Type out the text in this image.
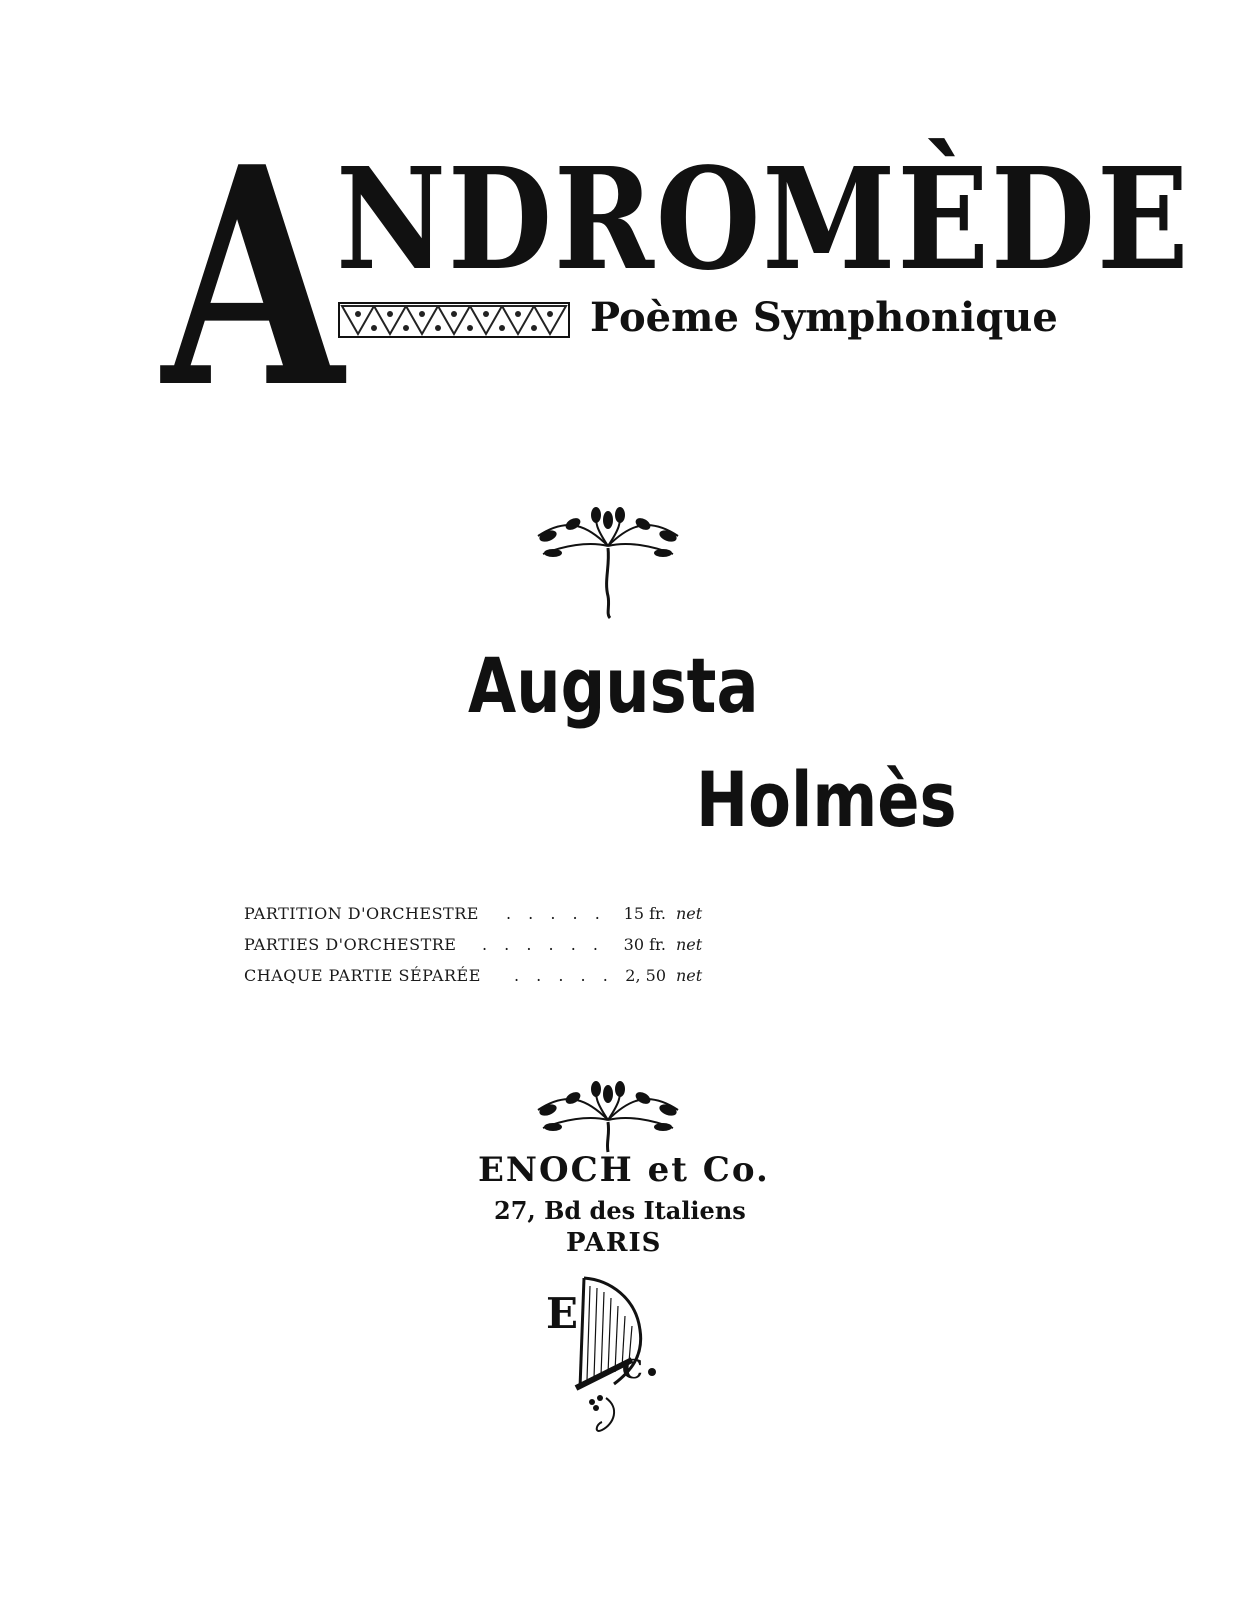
A
NDROMÈDE
Poème Symphonique
Augusta
Holmès
PARTITION D'ORCHESTRE . . . . .	15 fr. net
PARTIES D'ORCHESTRE . . . . . .	30 fr. net
CHAQUE PARTIE SÉPARÉE . . . . . 2, 50 net
ENOCH et Co.
27, Bd des Italiens
PARIS
E
C
